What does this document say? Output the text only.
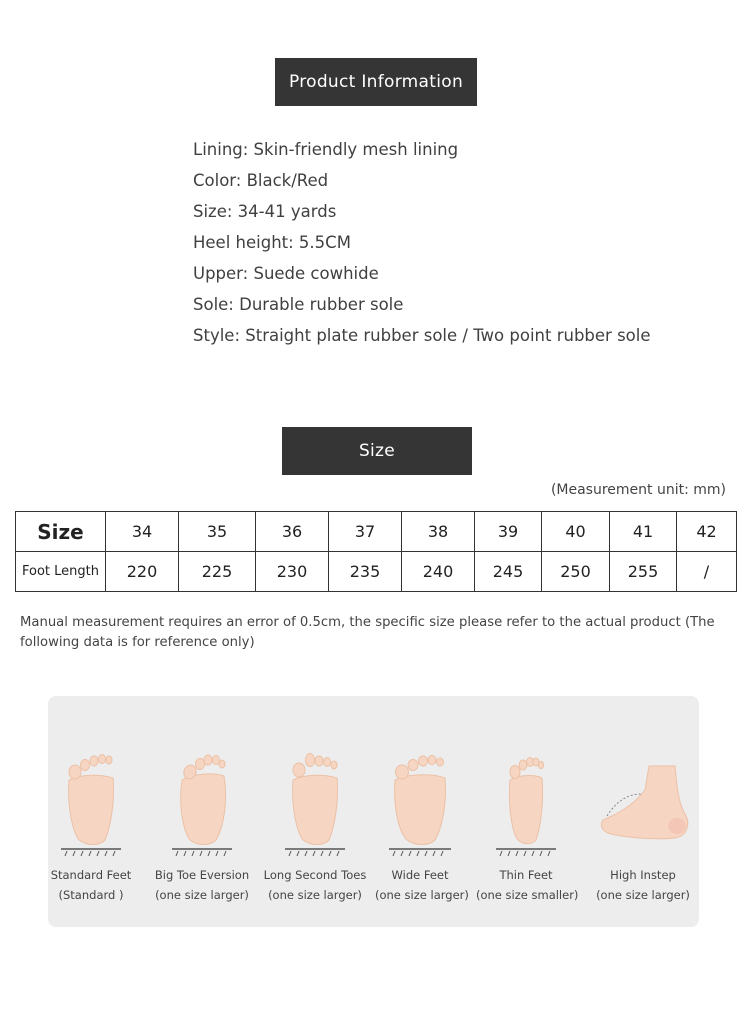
Product Information
Lining: Skin-friendly mesh lining
Color: Black/Red
Size: 34-41 yards
Heel height: 5.5CM
Upper: Suede cowhide
Sole: Durable rubber sole
Style: Straight plate rubber sole / Two point rubber sole
Size
(Measurement unit: mm)
Size	34	35	36	37	38	39	40	41	42
Foot Length	220	225	230	235	240	245	250	255	/
Manual measurement requires an error of 0.5cm, the specific size please refer to the actual product (The following data is for reference only)
Standard Feet
(Standard )
Big Toe Eversion
(one size larger)
Long Second Toes
(one size larger)
Wide Feet
(one size larger)
Thin Feet
(one size smaller)
High Instep
(one size larger)
